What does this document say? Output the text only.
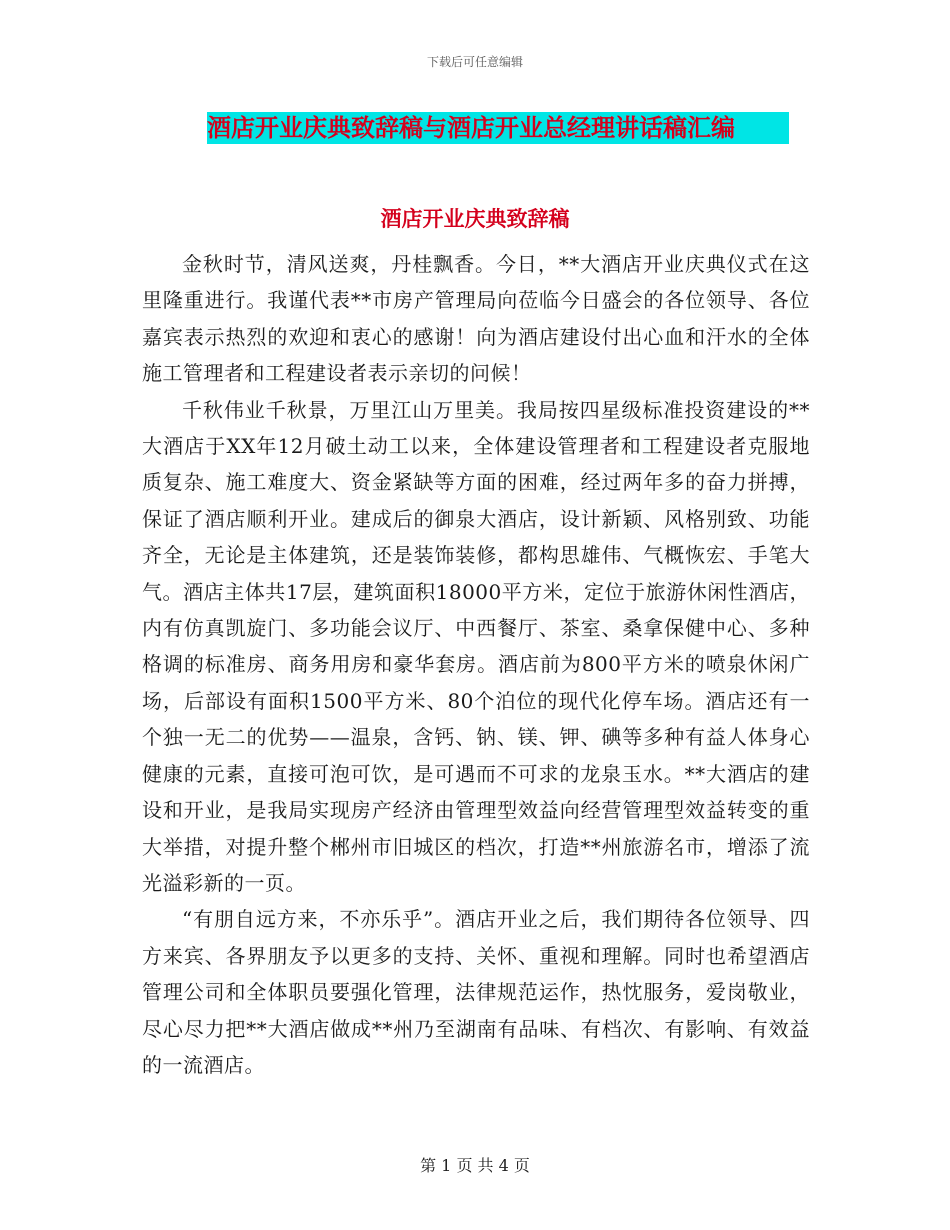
下载后可任意编辑
酒店开业庆典致辞稿与酒店开业总经理讲话稿汇编
酒店开业庆典致辞稿

金秋时节，清风送爽，丹桂飘香。今日，**大酒店开业庆典仪式在这里隆重进行。我谨代表**市房产管理局向莅临今日盛会的各位领导、各位嘉宾表示热烈的欢迎和衷心的感谢！向为酒店建设付出心血和汗水的全体施工管理者和工程建设者表示亲切的问候！

千秋伟业千秋景，万里江山万里美。我局按四星级标准投资建设的**大酒店于XX年12月破土动工以来，全体建设管理者和工程建设者克服地质复杂、施工难度大、资金紧缺等方面的困难，经过两年多的奋力拼搏，保证了酒店顺利开业。建成后的御泉大酒店，设计新颖、风格别致、功能齐全，无论是主体建筑，还是装饰装修，都构思雄伟、气概恢宏、手笔大气。酒店主体共17层，建筑面积18000平方米，定位于旅游休闲性酒店，内有仿真凯旋门、多功能会议厅、中西餐厅、茶室、桑拿保健中心、多种格调的标准房、商务用房和豪华套房。酒店前为800平方米的喷泉休闲广场，后部设有面积1500平方米、80个泊位的现代化停车场。酒店还有一个独一无二的优势——温泉，含钙、钠、镁、钾、碘等多种有益人体身心健康的元素，直接可泡可饮，是可遇而不可求的龙泉玉水。**大酒店的建设和开业，是我局实现房产经济由管理型效益向经营管理型效益转变的重大举措，对提升整个郴州市旧城区的档次，打造**州旅游名市，增添了流光溢彩新的一页。

“有朋自远方来，不亦乐乎”。酒店开业之后，我们期待各位领导、四方来宾、各界朋友予以更多的支持、关怀、重视和理解。同时也希望酒店管理公司和全体职员要强化管理，法律规范运作，热忱服务，爱岗敬业，尽心尽力把**大酒店做成**州乃至湖南有品味、有档次、有影响、有效益的一流酒店。

第 1 页 共 4 页
